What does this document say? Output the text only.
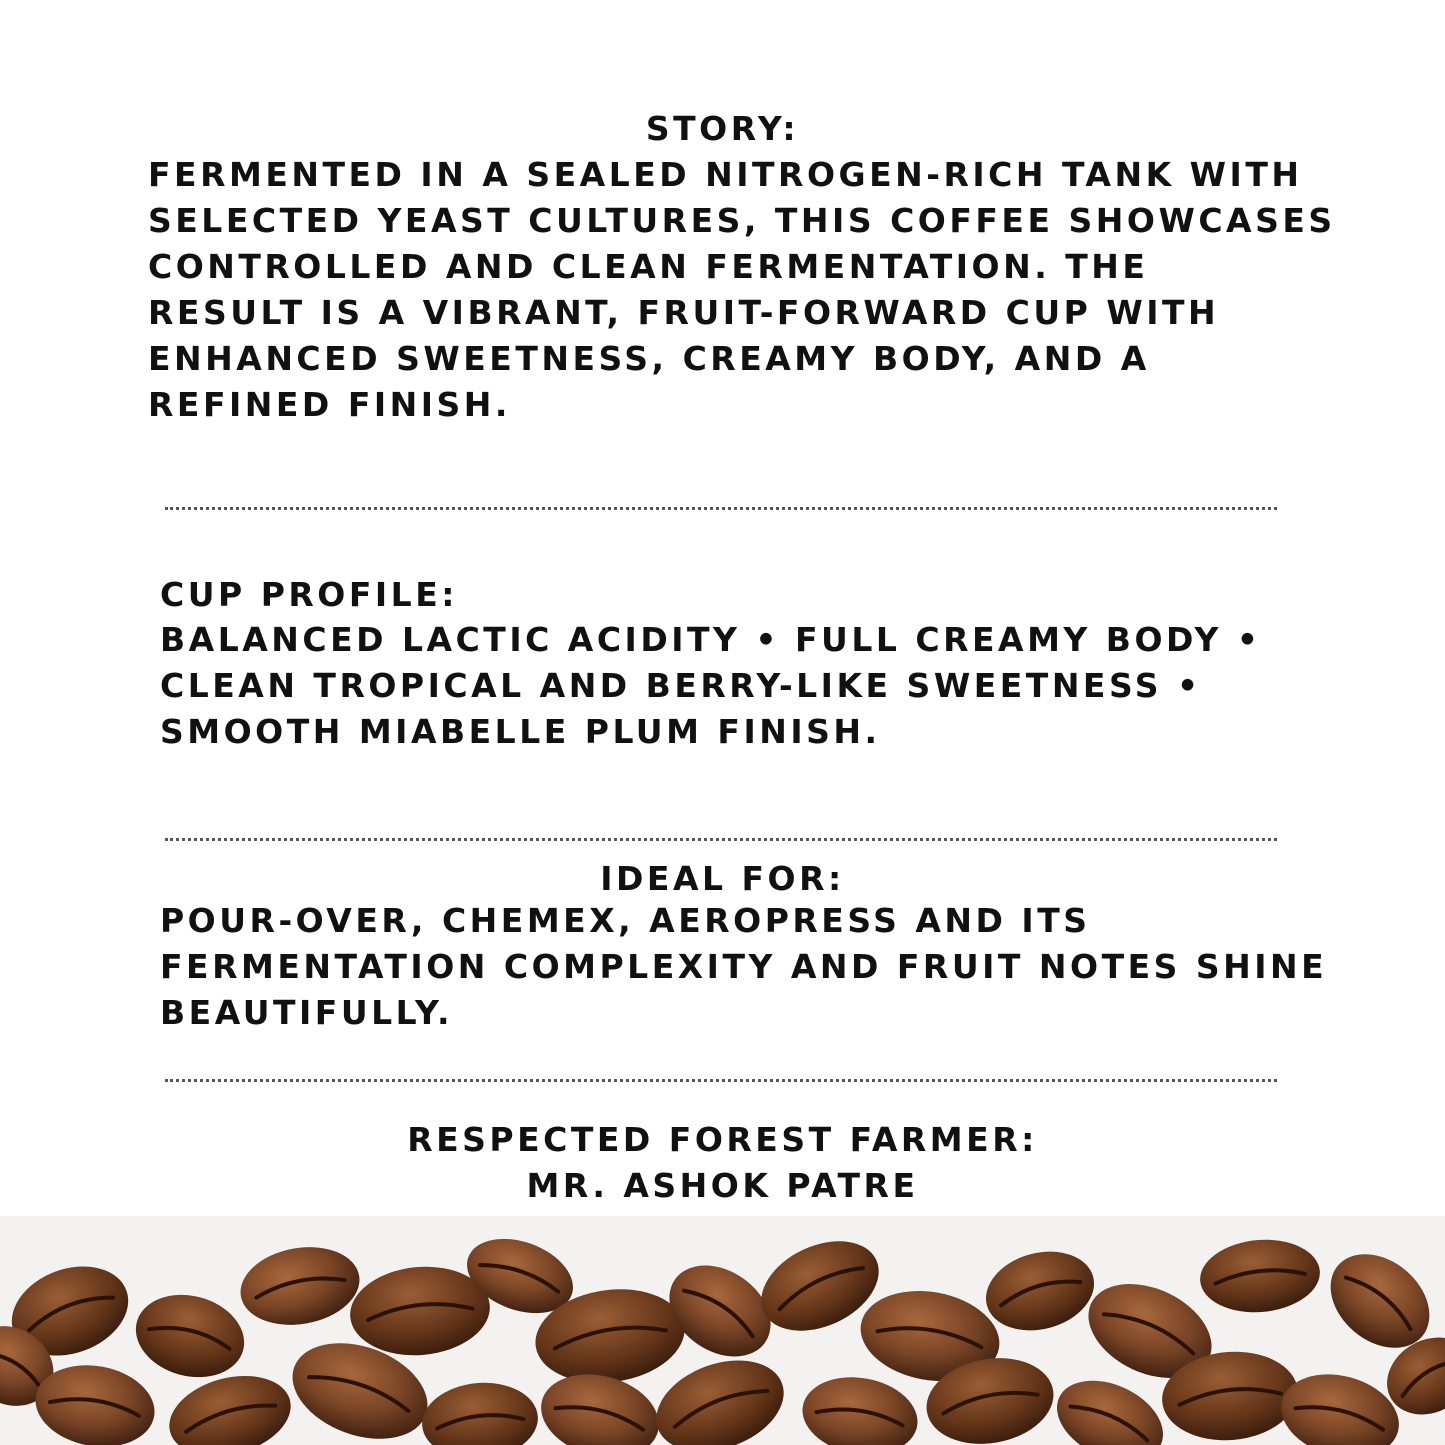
STORY:

FERMENTED IN A SEALED NITROGEN-RICH TANK WITH
SELECTED YEAST CULTURES, THIS COFFEE SHOWCASES
CONTROLLED AND CLEAN FERMENTATION. THE
RESULT IS A VIBRANT, FRUIT-FORWARD CUP WITH
ENHANCED SWEETNESS, CREAMY BODY, AND A
REFINED FINISH.

CUP PROFILE:

BALANCED LACTIC ACIDITY • FULL CREAMY BODY •
CLEAN TROPICAL AND BERRY-LIKE SWEETNESS •
SMOOTH MIABELLE PLUM FINISH.

IDEAL FOR:

POUR-OVER, CHEMEX, AEROPRESS AND ITS
FERMENTATION COMPLEXITY AND FRUIT NOTES SHINE
BEAUTIFULLY.

RESPECTED FOREST FARMER:

MR. ASHOK PATRE
